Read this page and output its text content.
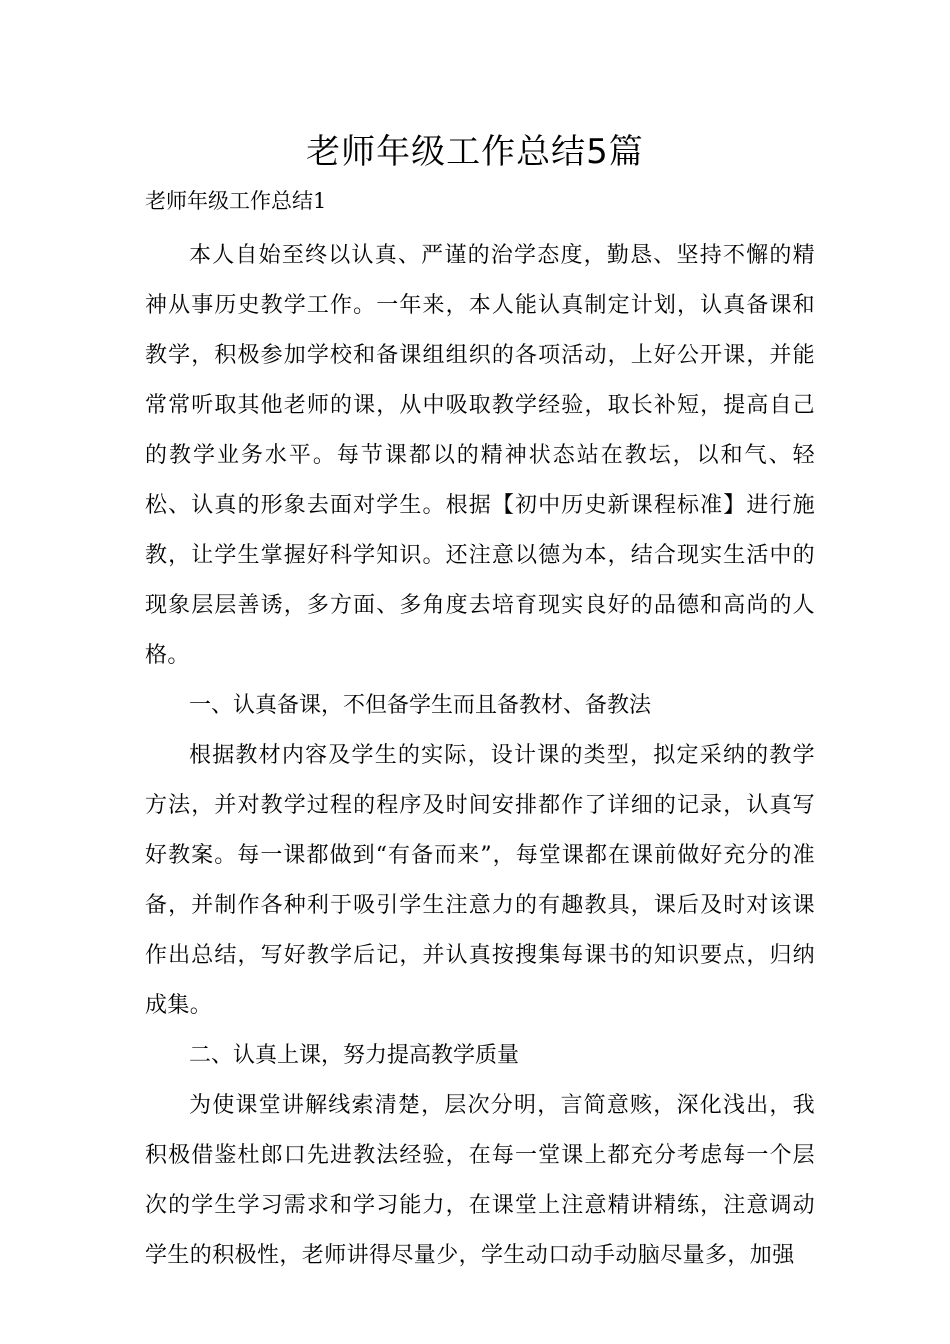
老师年级工作总结5篇

老师年级工作总结1

本人自始至终以认真、严谨的治学态度，勤恳、坚持不懈的精神从事历史教学工作。一年来，本人能认真制定计划，认真备课和教学，积极参加学校和备课组组织的各项活动，上好公开课，并能常常听取其他老师的课，从中吸取教学经验，取长补短，提高自己的教学业务水平。每节课都以的精神状态站在教坛，以和气、轻松、认真的形象去面对学生。根据【初中历史新课程标准】进行施教，让学生掌握好科学知识。还注意以德为本，结合现实生活中的现象层层善诱，多方面、多角度去培育现实良好的品德和高尚的人格。

一、认真备课，不但备学生而且备教材、备教法

根据教材内容及学生的实际，设计课的类型，拟定采纳的教学方法，并对教学过程的程序及时间安排都作了详细的记录，认真写好教案。每一课都做到“有备而来”，每堂课都在课前做好充分的准备，并制作各种利于吸引学生注意力的有趣教具，课后及时对该课作出总结，写好教学后记，并认真按搜集每课书的知识要点，归纳成集。

二、认真上课，努力提高教学质量

为使课堂讲解线索清楚，层次分明，言简意赅，深化浅出，我积极借鉴杜郎口先进教法经验，在每一堂课上都充分考虑每一个层次的学生学习需求和学习能力，在课堂上注意精讲精练，注意调动学生的积极性，老师讲得尽量少，学生动口动手动脑尽量多，加强
